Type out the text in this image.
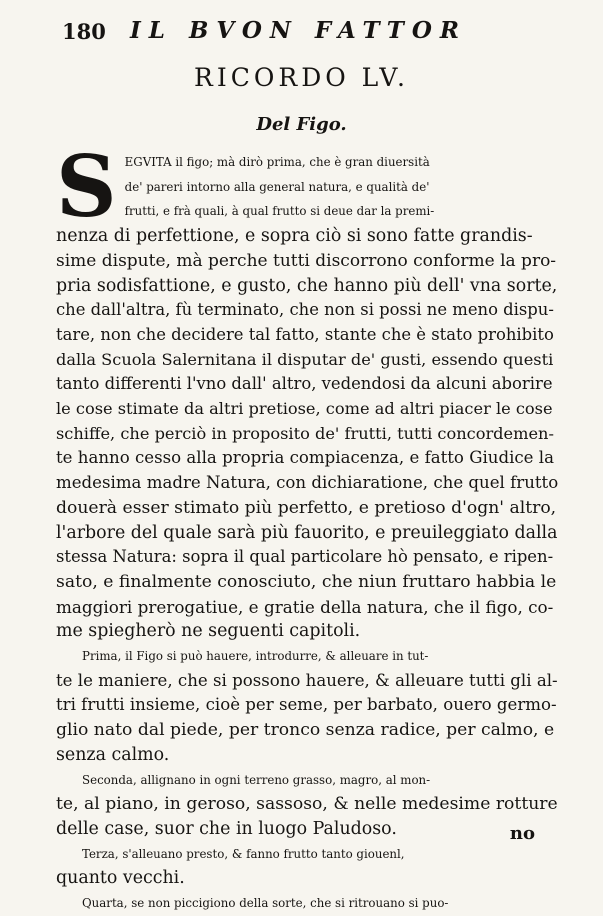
180 IL BVON FATTOR
RICORDO LV.
Del Figo.

S EGVITA il figo; mà dirò prima, che è gran diuersità
de' pareri intorno alla general natura, e qualità de'
frutti, e frà quali, à qual frutto si deue dar la premi-
nenza di perfettione, e sopra ciò si sono fatte grandis-
sime dispute, mà perche tutti discorrono conforme la pro-
pria sodisfattione, e gusto, che hanno più dell' vna sorte,
che dall'altra, fù terminato, che non si possi ne meno dispu-
tare, non che decidere tal fatto, stante che è stato prohibito
dalla Scuola Salernitana il disputar de' gusti, essendo questi
tanto differenti l'vno dall' altro, vedendosi da alcuni aborire
le cose stimate da altri pretiose, come ad altri piacer le cose
schiffe, che perciò in proposito de' frutti, tutti concordemen-
te hanno cesso alla propria compiacenza, e fatto Giudice la
medesima madre Natura, con dichiaratione, che quel frutto
douerà esser stimato più perfetto, e pretioso d'ogn' altro,
l'arbore del quale sarà più fauorito, e preuileggiato dalla
stessa Natura: sopra il qual particolare hò pensato, e ripen-
sato, e finalmente conosciuto, che niun fruttaro habbia le
maggiori prerogatiue, e gratie della natura, che il figo, co-
me spiegherò ne seguenti capitoli.

Prima, il Figo si può hauere, introdurre, & alleuare in tut-
te le maniere, che si possono hauere, & alleuare tutti gli al-
tri frutti insieme, cioè per seme, per barbato, ouero germo-
glio nato dal piede, per tronco senza radice, per calmo, e
senza calmo.

Seconda, allignano in ogni terreno grasso, magro, al mon-
te, al piano, in geroso, sassoso, & nelle medesime rotture
delle case, suor che in luogo Paludoso.

Terza, s'alleuano presto, & fanno frutto tanto giouenl,
quanto vecchi.

Quarta, se non piccigiono della sorte, che si ritrouano si puo-

no
